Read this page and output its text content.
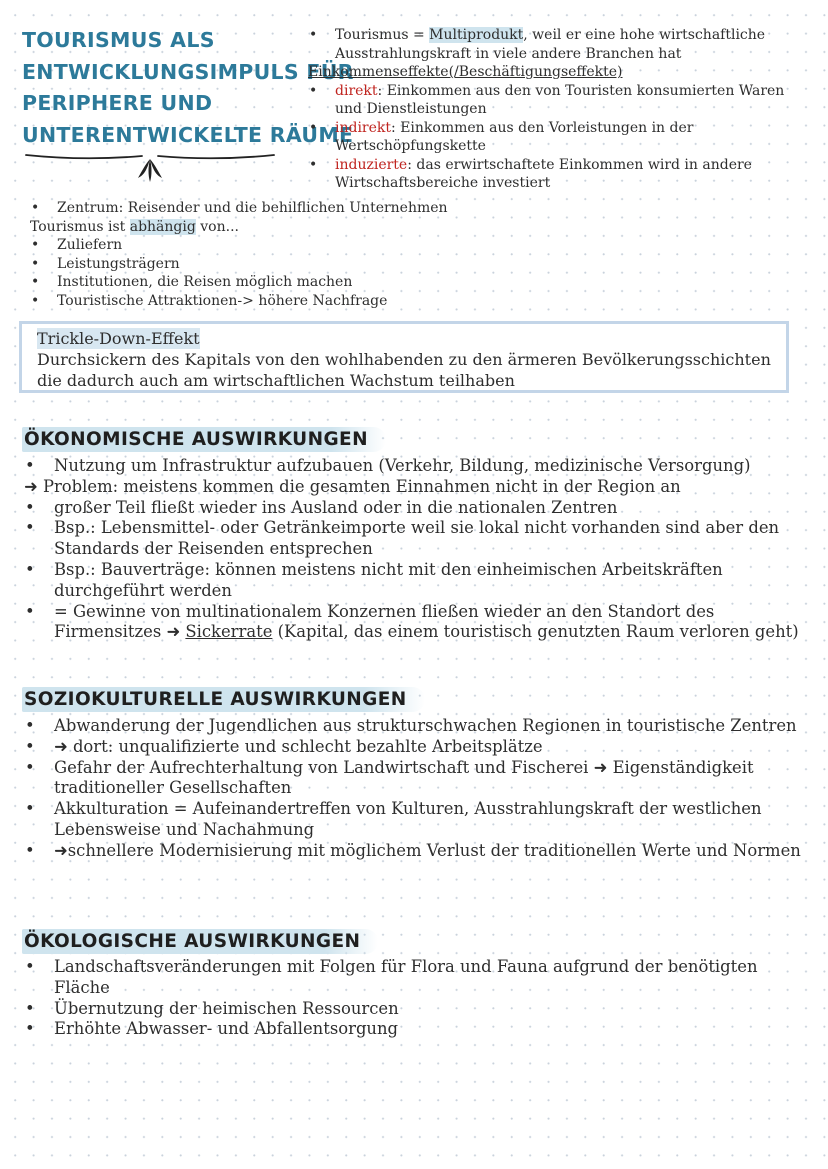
TOURISMUS ALS
ENTWICKLUNGSIMPULS FÜR
PERIPHERE UND
UNTERENTWICKELTE RÄUME
• Tourismus = Multiprodukt, weil er eine hohe wirtschaftliche Ausstrahlungskraft in viele andere Branchen hat
Einkommenseffekte(/Beschäftigungseffekte)
• direkt: Einkommen aus den von Touristen konsumierten Waren und Dienstleistungen
• indirekt: Einkommen aus den Vorleistungen in der Wertschöpfungskette
• induzierte: das erwirtschaftete Einkommen wird in andere Wirtschaftsbereiche investiert
• Zentrum: Reisender und die behilflichen Unternehmen
Tourismus ist abhängig von...
• Zuliefern
• Leistungsträgern
• Institutionen, die Reisen möglich machen
• Touristische Attraktionen-> höhere Nachfrage
Trickle-Down-Effekt
Durchsickern des Kapitals von den wohlhabenden zu den ärmeren Bevölkerungsschichten die dadurch auch am wirtschaftlichen Wachstum teilhaben
ÖKONOMISCHE AUSWIRKUNGEN
• Nutzung um Infrastruktur aufzubauen (Verkehr, Bildung, medizinische Versorgung)
➜ Problem: meistens kommen die gesamten Einnahmen nicht in der Region an
• großer Teil fließt wieder ins Ausland oder in die nationalen Zentren
• Bsp.: Lebensmittel- oder Getränkeimporte weil sie lokal nicht vorhanden sind aber den Standards der Reisenden entsprechen
• Bsp.: Bauverträge: können meistens nicht mit den einheimischen Arbeitskräften durchgeführt werden
• = Gewinne von multinationalem Konzernen fließen wieder an den Standort des Firmensitzes ➜ Sickerrate (Kapital, das einem touristisch genutzten Raum verloren geht)
SOZIOKULTURELLE AUSWIRKUNGEN
• Abwanderung der Jugendlichen aus strukturschwachen Regionen in touristische Zentren
• ➜ dort: unqualifizierte und schlecht bezahlte Arbeitsplätze
• Gefahr der Aufrechterhaltung von Landwirtschaft und Fischerei ➜ Eigenständigkeit traditioneller Gesellschaften
• Akkulturation = Aufeinandertreffen von Kulturen, Ausstrahlungskraft der westlichen Lebensweise und Nachahmung
• ➜schnellere Modernisierung mit möglichem Verlust der traditionellen Werte und Normen
ÖKOLOGISCHE AUSWIRKUNGEN
• Landschaftsveränderungen mit Folgen für Flora und Fauna aufgrund der benötigten Fläche
• Übernutzung der heimischen Ressourcen
• Erhöhte Abwasser- und Abfallentsorgung
